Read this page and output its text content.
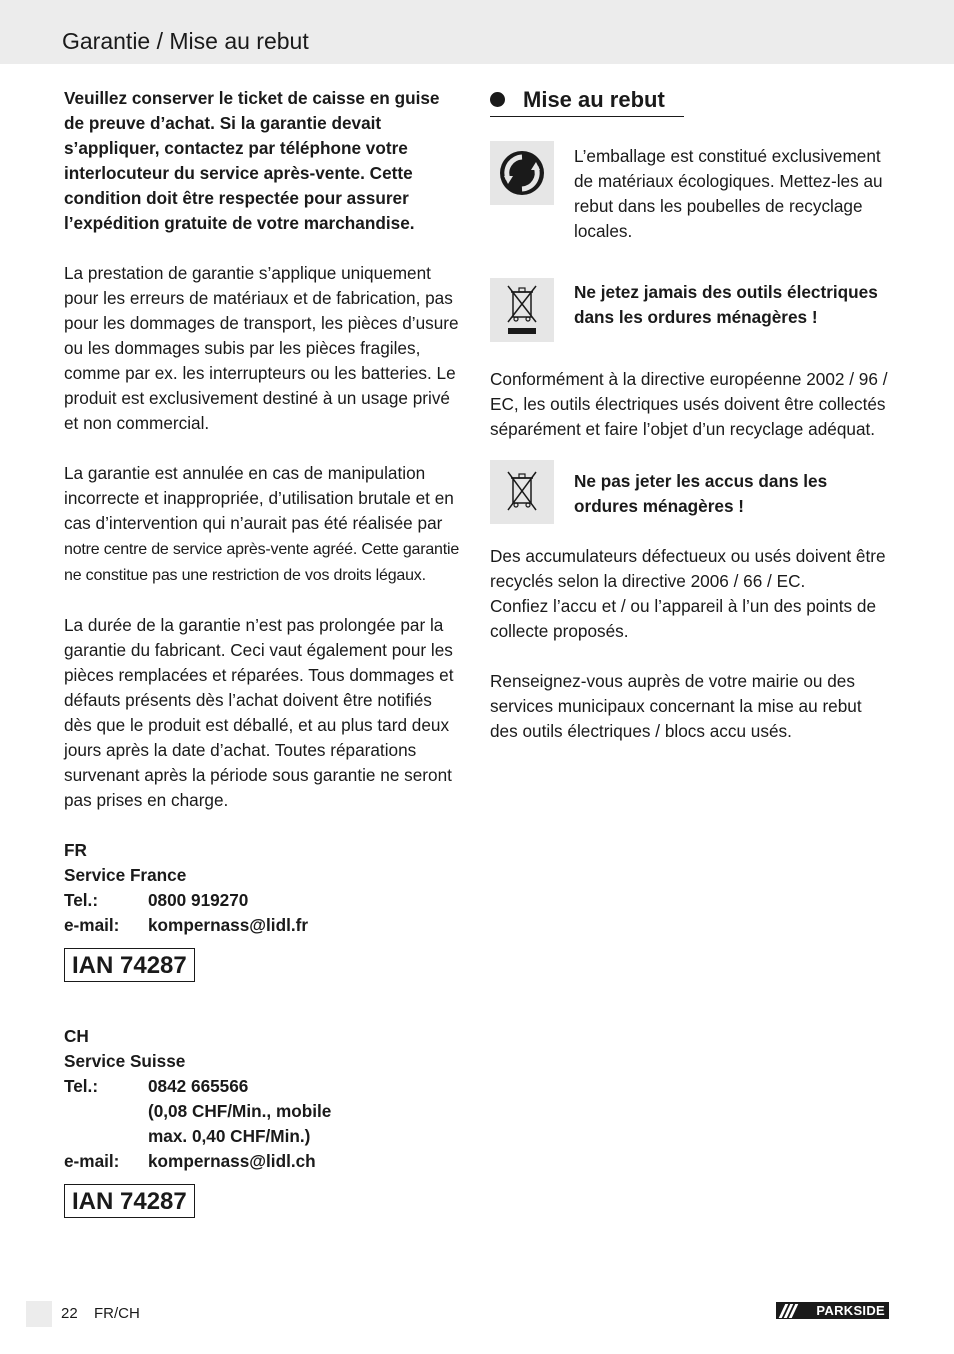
Garantie / Mise au rebut

Veuillez conserver le ticket de caisse en guise de preuve d’achat. Si la garantie devait s’appliquer, contactez par téléphone votre interlocuteur du service après-vente. Cette condition doit être respectée pour assurer l’expédition gratuite de votre marchandise.

La prestation de garantie s’applique uniquement pour les erreurs de matériaux et de fabrication, pas pour les dommages de transport, les pièces d’usure ou les dommages subis par les pièces fragiles, comme par ex. les interrupteurs ou les batteries. Le produit est exclusivement destiné à un usage privé et non commercial.

La garantie est annulée en cas de manipulation incorrecte et inappropriée, d’utilisation brutale et en cas d’intervention qui n’aurait pas été réalisée par notre centre de service après-vente agréé. Cette garantie ne constitue pas une restriction de vos droits légaux.

La durée de la garantie n’est pas prolongée par la garantie du fabricant. Ceci vaut également pour les pièces remplacées et réparées. Tous dommages et défauts présents dès l’achat doivent être notifiés dès que le produit est déballé, et au plus tard deux jours après la date d’achat. Toutes réparations survenant après la période sous garantie ne seront pas prises en charge.

FR
Service France
Tel.:	0800 919270
e-mail:	kompernass@lidl.fr
IAN 74287
CH
Service Suisse
Tel.:	0842 665566
(0,08 CHF/Min., mobile
max. 0,40 CHF/Min.)
e-mail:	kompernass@lidl.ch
IAN 74287
Mise au rebut

L’emballage est constitué exclusivement de matériaux écologiques. Mettez-les au rebut dans les poubelles de recyclage locales.

Ne jetez jamais des outils électriques dans les ordures ménagères !

Conformément à la directive européenne 2002 / 96 / EC, les outils électriques usés doivent être collectés séparément et faire l’objet d’un recyclage adéquat.

Ne pas jeter les accus dans les ordures ménagères !

Des accumulateurs défectueux ou usés doivent être recyclés selon la directive 2006 / 66 / EC.

Confiez l’accu et / ou l’appareil à l’un des points de collecte proposés.

Renseignez-vous auprès de votre mairie ou des services municipaux concernant la mise au rebut des outils électriques / blocs accu usés.

22 FR/CH	PARKSIDE
